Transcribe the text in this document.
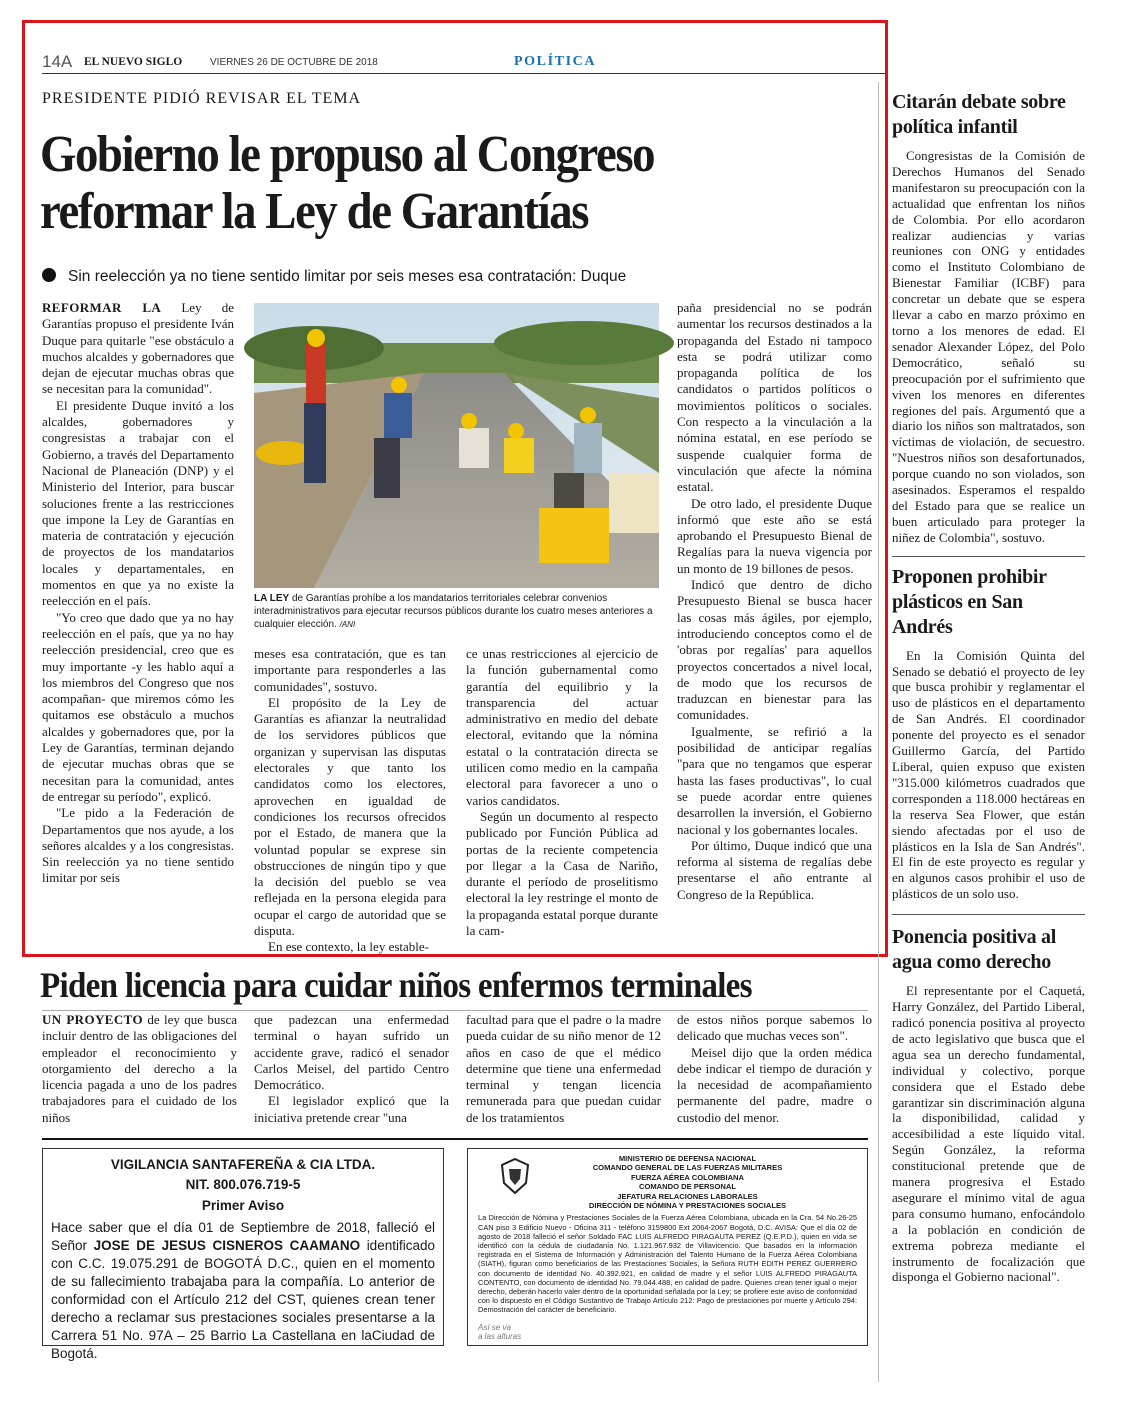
14A EL NUEVO SIGLO	VIERNES 26 DE OCTUBRE DE 2018	POLÍTICA
PRESIDENTE PIDIÓ REVISAR EL TEMA
Gobierno le propuso al Congreso
reformar la Ley de Garantías
Sin reelección ya no tiene sentido limitar por seis meses esa contratación: Duque

REFORMAR LA Ley de Garantías propuso el presidente Iván Duque para quitarle "ese obstáculo a muchos alcaldes y gobernadores que dejan de ejecutar muchas obras que se necesitan para la comunidad".

El presidente Duque invitó a los alcaldes, gobernadores y congresistas a trabajar con el Gobierno, a través del Departamento Nacional de Planeación (DNP) y el Ministerio del Interior, para buscar soluciones frente a las restricciones que impone la Ley de Garantías en materia de contratación y ejecución de proyectos de los mandatarios locales y departamentales, en momentos en que ya no existe la reelección en el país.

"Yo creo que dado que ya no hay reelección en el país, que ya no hay reelección presidencial, creo que es muy importante -y les hablo aquí a los miembros del Congreso que nos acompañan- que miremos cómo les quitamos ese obstáculo a muchos alcaldes y gobernadores que, por la Ley de Garantías, terminan dejando de ejecutar muchas obras que se necesitan para la comunidad, antes de entregar su período", explicó.

"Le pido a la Federación de Departamentos que nos ayude, a los señores alcaldes y a los congresistas. Sin reelección ya no tiene sentido limitar por seis

LA LEY de Garantías prohíbe a los mandatarios territoriales celebrar convenios interadministrativos para ejecutar recursos públicos durante los cuatro meses anteriores a cualquier elección. /ANI

meses esa contratación, que es tan importante para responderles a las comunidades", sostuvo.

El propósito de la Ley de Garantías es afianzar la neutralidad de los servidores públicos que organizan y supervisan las disputas electorales y que tanto los candidatos como los electores, aprovechen en igualdad de condiciones los recursos ofrecidos por el Estado, de manera que la voluntad popular se exprese sin obstrucciones de ningún tipo y que la decisión del pueblo se vea reflejada en la persona elegida para ocupar el cargo de autoridad que se disputa.

En ese contexto, la ley estable-

ce unas restricciones al ejercicio de la función gubernamental como garantía del equilibrio y la transparencia del actuar administrativo en medio del debate electoral, evitando que la nómina estatal o la contratación directa se utilicen como medio en la campaña electoral para favorecer a uno o varios candidatos.

Según un documento al respecto publicado por Función Pública ad portas de la reciente competencia por llegar a la Casa de Nariño, durante el período de proselitismo electoral la ley restringe el monto de la propaganda estatal porque durante la cam-

paña presidencial no se podrán aumentar los recursos destinados a la propaganda del Estado ni tampoco esta se podrá utilizar como propaganda política de los candidatos o partidos políticos o movimientos políticos o sociales. Con respecto a la vinculación a la nómina estatal, en ese período se suspende cualquier forma de vinculación que afecte la nómina estatal.

De otro lado, el presidente Duque informó que este año se está aprobando el Presupuesto Bienal de Regalías para la nueva vigencia por un monto de 19 billones de pesos.

Indicó que dentro de dicho Presupuesto Bienal se busca hacer las cosas más ágiles, por ejemplo, introduciendo conceptos como el de 'obras por regalías' para aquellos proyectos concertados a nivel local, de modo que los recursos de traduzcan en bienestar para las comunidades.

Igualmente, se refirió a la posibilidad de anticipar regalías "para que no tengamos que esperar hasta las fases productivas", lo cual se puede acordar entre quienes desarrollen la inversión, el Gobierno nacional y los gobernantes locales.

Por último, Duque indicó que una reforma al sistema de regalías debe presentarse el año entrante al Congreso de la República.

Citarán debate sobre política infantil

Congresistas de la Comisión de Derechos Humanos del Senado manifestaron su preocupación con la actualidad que enfrentan los niños de Colombia. Por ello acordaron realizar audiencias y varias reuniones con ONG y entidades como el Instituto Colombiano de Bienestar Familiar (ICBF) para concretar un debate que se espera llevar a cabo en marzo próximo en torno a los menores de edad. El senador Alexander López, del Polo Democrático, señaló su preocupación por el sufrimiento que viven los menores en diferentes regiones del país. Argumentó que a diario los niños son maltratados, son víctimas de violación, de secuestro. "Nuestros niños son desafortunados, porque cuando no son violados, son asesinados. Esperamos el respaldo del Estado para que se realice un buen articulado para proteger la niñez de Colombia", sostuvo.

Proponen prohibir plásticos en San Andrés

En la Comisión Quinta del Senado se debatió el proyecto de ley que busca prohibir y reglamentar el uso de plásticos en el departamento de San Andrés. El coordinador ponente del proyecto es el senador Guillermo García, del Partido Liberal, quien expuso que existen "315.000 kilómetros cuadrados que corresponden a 118.000 hectáreas en la reserva Sea Flower, que están siendo afectadas por el uso de plásticos en la Isla de San Andrés". El fin de este proyecto es regular y en algunos casos prohibir el uso de plásticos de un solo uso.

Ponencia positiva al agua como derecho

El representante por el Caquetá, Harry González, del Partido Liberal, radicó ponencia positiva al proyecto de acto legislativo que busca que el agua sea un derecho fundamental, individual y colectivo, porque considera que el Estado debe garantizar sin discriminación alguna la disponibilidad, calidad y accesibilidad a este líquido vital. Según González, la reforma constitucional pretende que de manera progresiva el Estado asegurare el mínimo vital de agua para consumo humano, enfocándolo a la población en condición de extrema pobreza mediante el instrumento de focalización que disponga el Gobierno nacional".

Piden licencia para cuidar niños enfermos terminales

UN PROYECTO de ley que busca incluir dentro de las obligaciones del empleador el reconocimiento y otorgamiento del derecho a la licencia pagada a uno de los padres trabajadores para el cuidado de los niños

que padezcan una enfermedad terminal o hayan sufrido un accidente grave, radicó el senador Carlos Meisel, del partido Centro Democrático.

El legislador explicó que la iniciativa pretende crear "una

facultad para que el padre o la madre pueda cuidar de su niño menor de 12 años en caso de que el médico determine que tiene una enfermedad terminal y tengan licencia remunerada para que puedan cuidar de los tratamientos

de estos niños porque sabemos lo delicado que muchas veces son".

Meisel dijo que la orden médica debe indicar el tiempo de duración y la necesidad de acompañamiento permanente del padre, madre o custodio del menor.

VIGILANCIA SANTAFEREÑA & CIA LTDA.
NIT. 800.076.719-5
Primer Aviso
Hace saber que el día 01 de Septiembre de 2018, falleció el Señor JOSE DE JESUS CISNEROS CAAMANO identificado con C.C. 19.075.291 de BOGOTÁ D.C., quien en el momento de su fallecimiento trabajaba para la compañía. Lo anterior de conformidad con el Artículo 212 del CST, quienes crean tener derecho a reclamar sus prestaciones sociales presentarse a la Carrera 51 No. 97A – 25 Barrio La Castellana en laCiudad de Bogotá.
MINISTERIO DE DEFENSA NACIONAL
COMANDO GENERAL DE LAS FUERZAS MILITARES
FUERZA AÉREA COLOMBIANA
COMANDO DE PERSONAL
JEFATURA RELACIONES LABORALES
DIRECCIÓN DE NÓMINA Y PRESTACIONES SOCIALES
La Dirección de Nómina y Prestaciones Sociales de la Fuerza Aérea Colombiana, ubicada en la Cra. 54 No.26-25 CAN piso 3 Edificio Nuevo - Oficina 311 - teléfono 3159800 Ext 2064-2067 Bogotá, D.C. AVISA: Que el día 02 de agosto de 2018 falleció el señor Soldado FAC LUIS ALFREDO PIRAGAUTA PEREZ (Q.E.P.D.), quien en vida se identificó con la cédula de ciudadanía No. 1.121.967.932 de Villavicencio. Que basados en la información registrada en el Sistema de Información y Administración del Talento Humano de la Fuerza Aérea Colombiana (SIATH), figuran como beneficiarios de las Prestaciones Sociales, la Señora RUTH EDITH PEREZ GUERRERO con documento de identidad No. 40.392.921, en calidad de madre y el señor LUIS ALFREDO PIRAGAUTA CONTENTO, con documento de identidad No. 79.044.488, en calidad de padre. Quienes crean tener igual o mejor derecho, deberán hacerlo valer dentro de la oportunidad señalada por la Ley; se profiere este aviso de conformidad con lo dispuesto en el Código Sustantivo de Trabajo Artículo 212: Pago de prestaciones por muerte y Artículo 294: Demostración del carácter de beneficiario.
Así se va
a las alturas
